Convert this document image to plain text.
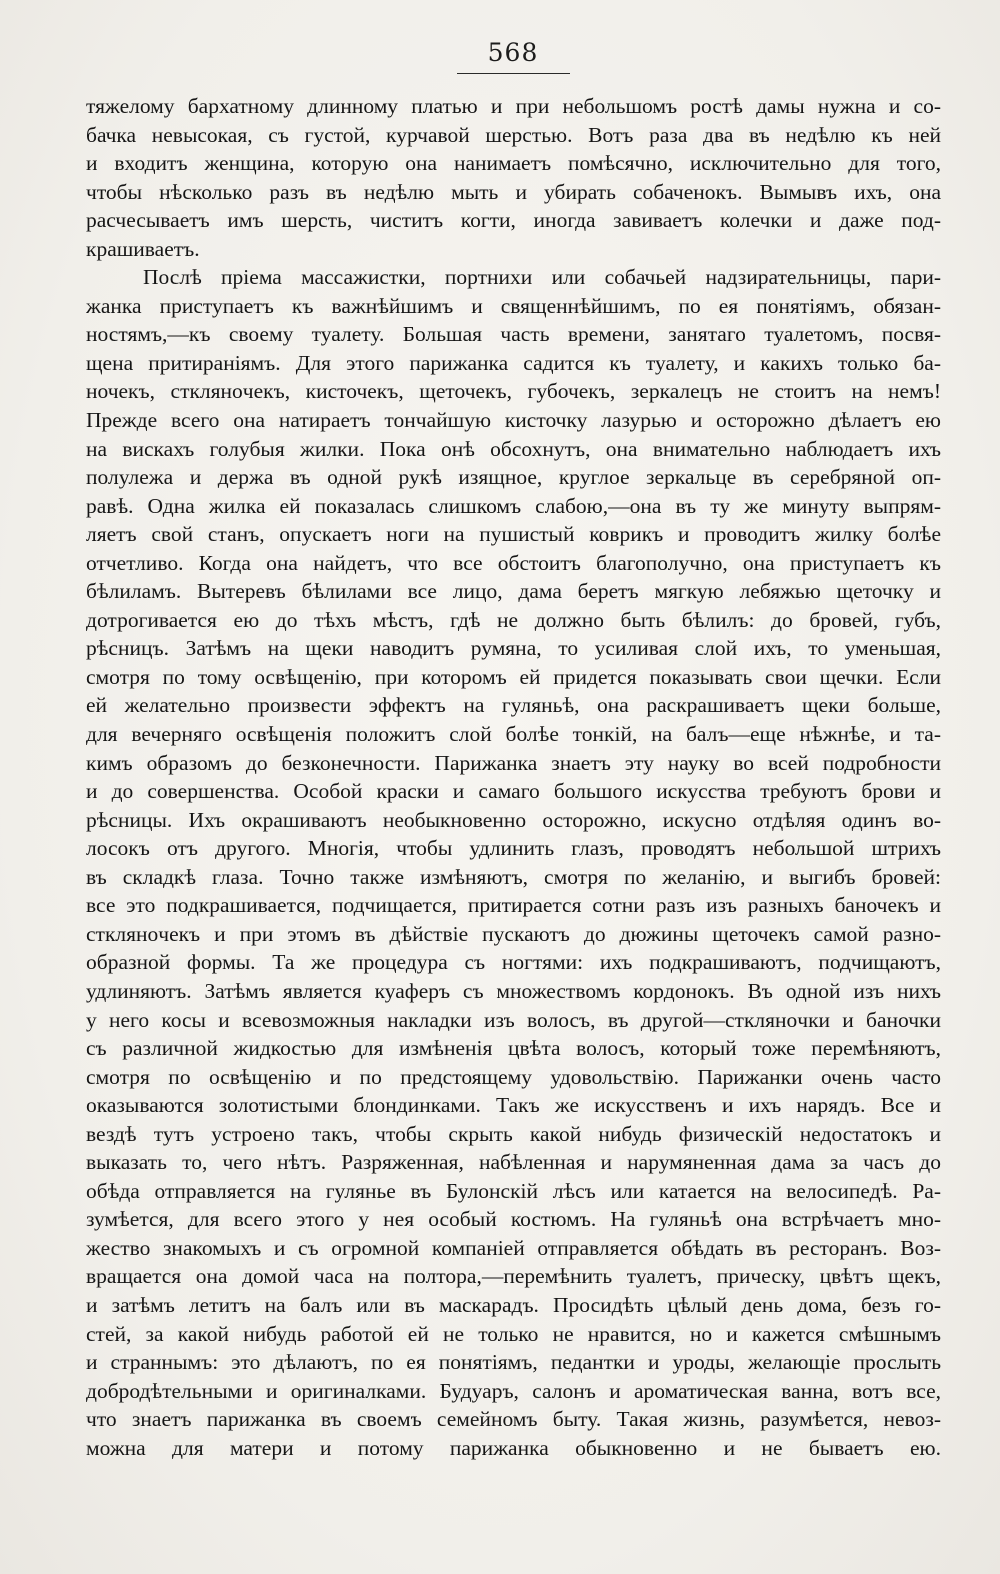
568
тяжелому бархатному длинному платью и при небольшомъ ростѣ дамы нужна и со-
бачка невысокая, съ густой, курчавой шерстью. Вотъ раза два въ недѣлю къ ней
и входитъ женщина, которую она нанимаетъ помѣсячно, исключительно для того,
чтобы нѣсколько разъ въ недѣлю мыть и убирать собаченокъ. Вымывъ ихъ, она
расчесываетъ имъ шерсть, чиститъ когти, иногда завиваетъ колечки и даже под-
крашиваетъ.
Послѣ пріема массажистки, портнихи или собачьей надзирательницы, пари-
жанка приступаетъ къ важнѣйшимъ и священнѣйшимъ, по ея понятіямъ, обязан-
ностямъ,—къ своему туалету. Большая часть времени, занятаго туалетомъ, посвя-
щена притираніямъ. Для этого парижанка садится къ туалету, и какихъ только ба-
ночекъ, стклянoчекъ, кисточекъ, щеточекъ, губочекъ, зеркалецъ не стоитъ на немъ!
Прежде всего она натираетъ тончайшую кисточку лазурью и осторожно дѣлаетъ ею
на вискахъ голубыя жилки. Пока онѣ обсохнутъ, она внимательно наблюдаетъ ихъ
полулежа и держа въ одной рукѣ изящное, круглое зеркальце въ серебряной оп-
равѣ. Одна жилка ей показалась слишкомъ слабою,—она въ ту же минуту выпрям-
ляетъ свой станъ, опускаетъ ноги на пушистый коврикъ и проводитъ жилку болѣе
отчетливо. Когда она найдетъ, что все обстоитъ благополучно, она приступаетъ къ
бѣлиламъ. Вытеревъ бѣлилами все лицо, дама беретъ мягкую лебяжью щеточку и
дотрогивается ею до тѣхъ мѣстъ, гдѣ не должно быть бѣлилъ: до бровей, губъ,
рѣсницъ. Затѣмъ на щеки наводитъ румяна, то усиливая слой ихъ, то уменьшая,
смотря по тому освѣщенію, при которомъ ей придется показывать свои щечки. Если
ей желательно произвести эффектъ на гуляньѣ, она раскрашиваетъ щеки больше,
для вечерняго освѣщенія положитъ слой болѣе тонкій, на балъ—еще нѣжнѣе, и та-
кимъ образомъ до безконечности. Парижанка знаетъ эту науку во всей подробности
и до совершенства. Особой краски и самаго большого искусства требуютъ брови и
рѣсницы. Ихъ окрашиваютъ необыкновенно осторожно, искусно отдѣляя одинъ во-
лосокъ отъ другого. Многія, чтобы удлинить глазъ, проводятъ небольшой штрихъ
въ складкѣ глаза. Точно также измѣняютъ, смотря по желанію, и выгибъ бровей:
все это подкрашивается, подчищается, притирается сотни разъ изъ разныхъ баночекъ и
стклянoчекъ и при этомъ въ дѣйствіе пускаютъ до дюжины щеточекъ самой разно-
образной формы. Та же процедура съ ногтями: ихъ подкрашиваютъ, подчищаютъ,
удлиняютъ. Затѣмъ является куаферъ съ множествомъ кордонокъ. Въ одной изъ нихъ
у него косы и всевозможныя накладки изъ волосъ, въ другой—стклянoчки и баночки
съ различной жидкостью для измѣненія цвѣта волосъ, который тоже перемѣняютъ,
смотря по освѣщенію и по предстоящему удовольствію. Парижанки очень часто
оказываются золотистыми блондинками. Такъ же искусственъ и ихъ нарядъ. Все и
вездѣ тутъ устроено такъ, чтобы скрыть какой нибудь физическій недостатокъ и
выказать то, чего нѣтъ. Разряженная, набѣленная и нарумяненная дама за часъ до
обѣда отправляется на гулянье въ Булонскій лѣсъ или катается на велосипедѣ. Ра-
зумѣется, для всего этого у нея особый костюмъ. На гуляньѣ она встрѣчаетъ мно-
жество знакомыхъ и съ огромной компаніей отправляется обѣдать въ ресторанъ. Воз-
вращается она домой часа на полтора,—перемѣнить туалетъ, прическу, цвѣтъ щекъ,
и затѣмъ летитъ на балъ или въ маскарадъ. Просидѣть цѣлый день дома, безъ го-
стей, за какой нибудь работой ей не только не нравится, но и кажется смѣшнымъ
и страннымъ: это дѣлаютъ, по ея понятіямъ, педантки и уроды, желающіе прослыть
добродѣтельными и оригиналками. Будуаръ, салонъ и ароматическая ванна, вотъ все,
что знаетъ парижанка въ своемъ семейномъ быту. Такая жизнь, разумѣется, невоз-
можна для матери и потому парижанка обыкновенно и не бываетъ ею.
